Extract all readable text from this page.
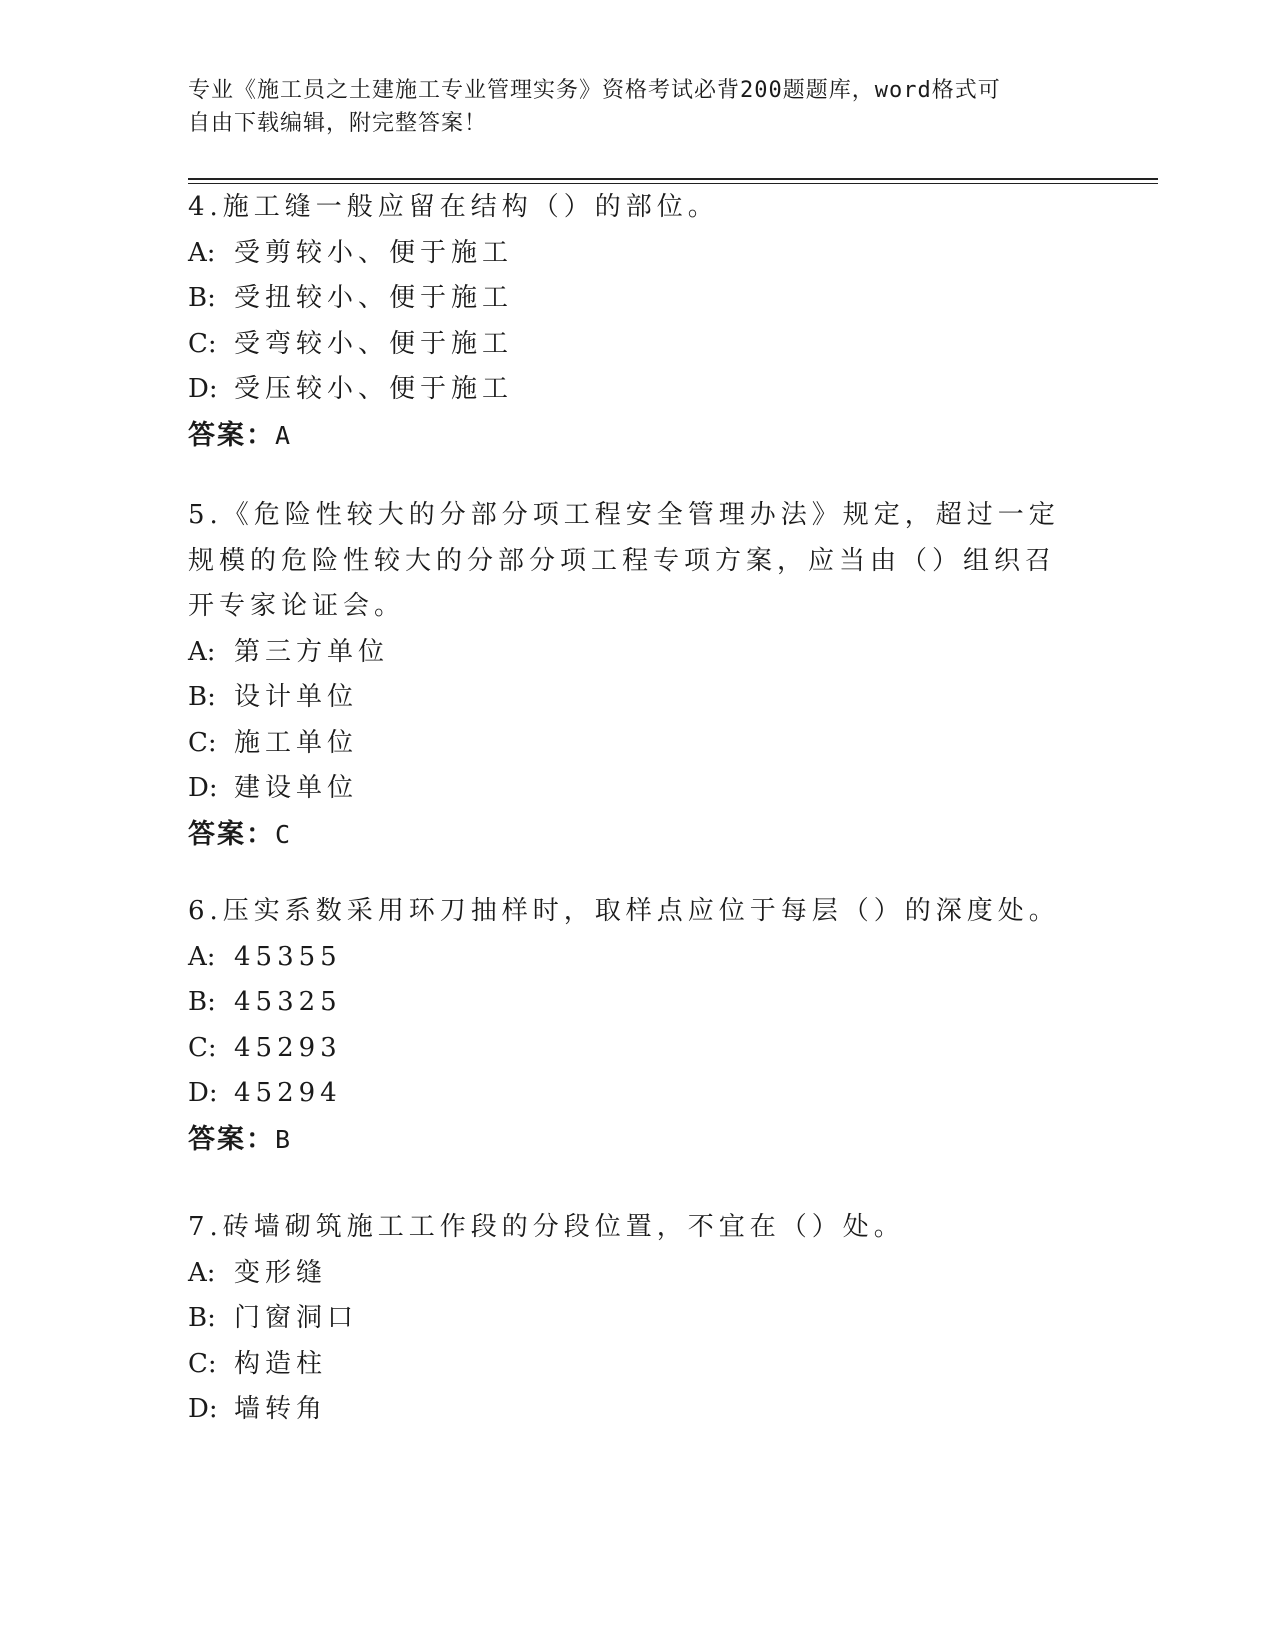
专业《施工员之土建施工专业管理实务》资格考试必背200题题库，word格式可
自由下载编辑，附完整答案！
4.施工缝一般应留在结构（）的部位。
A: 受剪较小、便于施工
B: 受扭较小、便于施工
C: 受弯较小、便于施工
D: 受压较小、便于施工
答案：A
5.《危险性较大的分部分项工程安全管理办法》规定，超过一定规模的危险性较大的分部分项工程专项方案，应当由（）组织召开专家论证会。
A: 第三方单位
B: 设计单位
C: 施工单位
D: 建设单位
答案：C
6.压实系数采用环刀抽样时，取样点应位于每层（）的深度处。
A: 45355
B: 45325
C: 45293
D: 45294
答案：B
7.砖墙砌筑施工工作段的分段位置，不宜在（）处。
A: 变形缝
B: 门窗洞口
C: 构造柱
D: 墙转角
